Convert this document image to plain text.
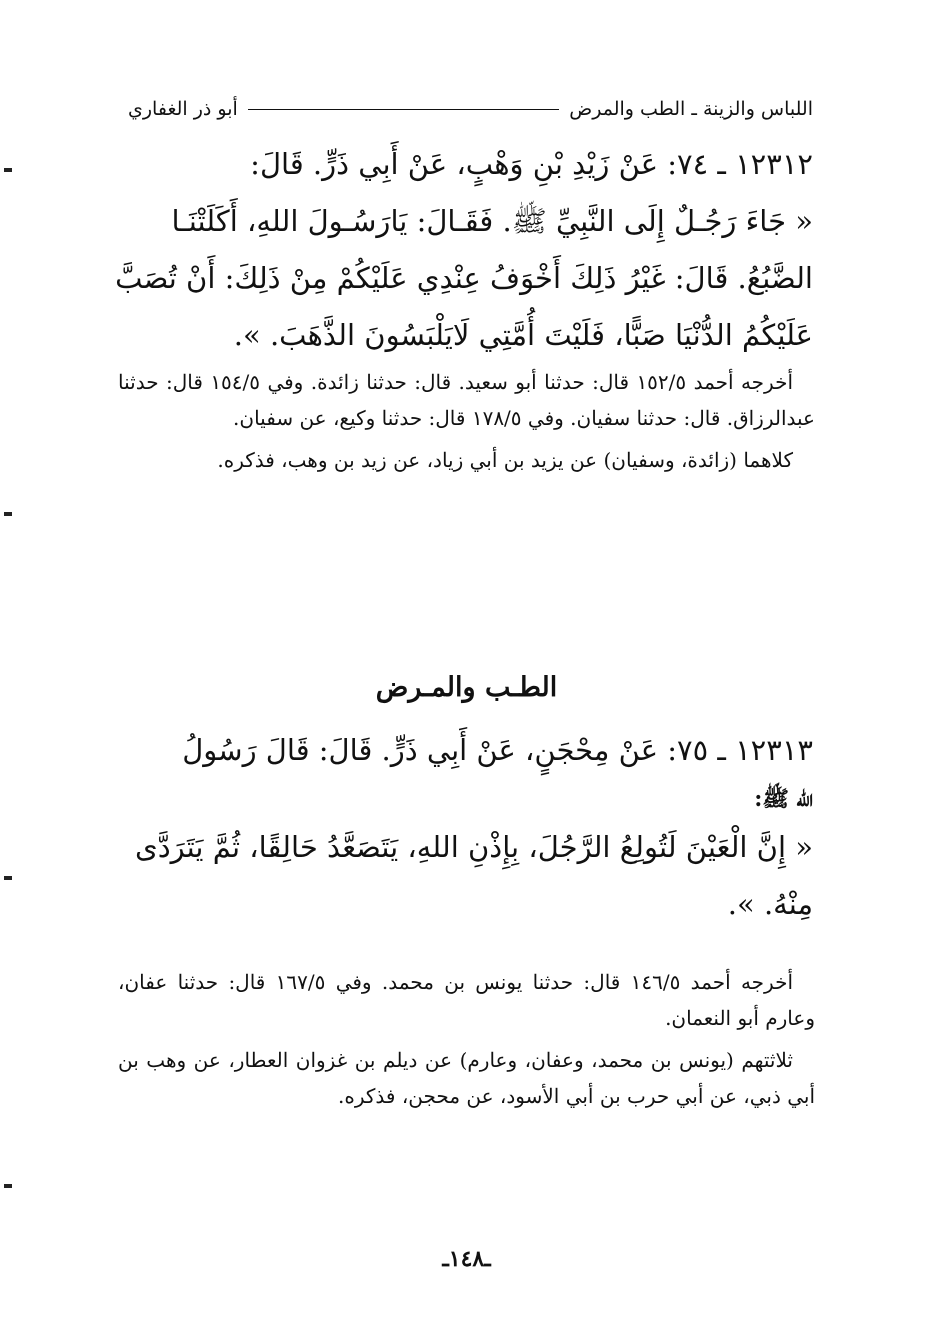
اللباس والزينة ـ الطب والمرض
أبو ذر الغفاري
١٢٣١٢ ـ ٧٤: عَنْ زَيْدِ بْنِ وَهْبٍ، عَنْ أَبِي ذَرٍّ. قَالَ:
« جَاءَ رَجُـلٌ إِلَى النَّبِيِّ ﷺ. فَقَـالَ: يَارَسُـولَ اللهِ، أَكَلَتْنَـا
الضَّبُعُ. قَالَ: غَيْرُ ذَلِكَ أَخْوَفُ عِنْدِي عَلَيْكُمْ مِنْ ذَلِكَ: أَنْ تُصَبَّ
عَلَيْكُمُ الدُّنْيَا صَبًّا، فَلَيْتَ أُمَّتِي لَايَلْبَسُونَ الذَّهَبَ. ».

أخرجه أحمد ١٥٢/٥ قال: حدثنا أبو سعيد. قال: حدثنا زائدة. وفي ١٥٤/٥ قال: حدثنا عبدالرزاق. قال: حدثنا سفيان. وفي ١٧٨/٥ قال: حدثنا وكيع، عن سفيان.

كلاهما (زائدة، وسفيان) عن يزيد بن أبي زياد، عن زيد بن وهب، فذكره.

الطـب والمـرض
١٢٣١٣ ـ ٧٥: عَنْ مِحْجَنٍ، عَنْ أَبِي ذَرٍّ. قَالَ: قَالَ رَسُولُ
الله ﷺ:
« إِنَّ الْعَيْنَ لَتُولِعُ الرَّجُلَ، بِإِذْنِ اللهِ، يَتَصَعَّدُ حَالِقًا، ثُمَّ يَتَرَدَّى
مِنْهُ. ».

أخرجه أحمد ١٤٦/٥ قال: حدثنا يونس بن محمد. وفي ١٦٧/٥ قال: حدثنا عفان، وعارم أبو النعمان.

ثلاثتهم (يونس بن محمد، وعفان، وعارم) عن ديلم بن غزوان العطار، عن وهب بن أبي ذبي، عن أبي حرب بن أبي الأسود، عن محجن، فذكره.

ـ١٤٨ـ
